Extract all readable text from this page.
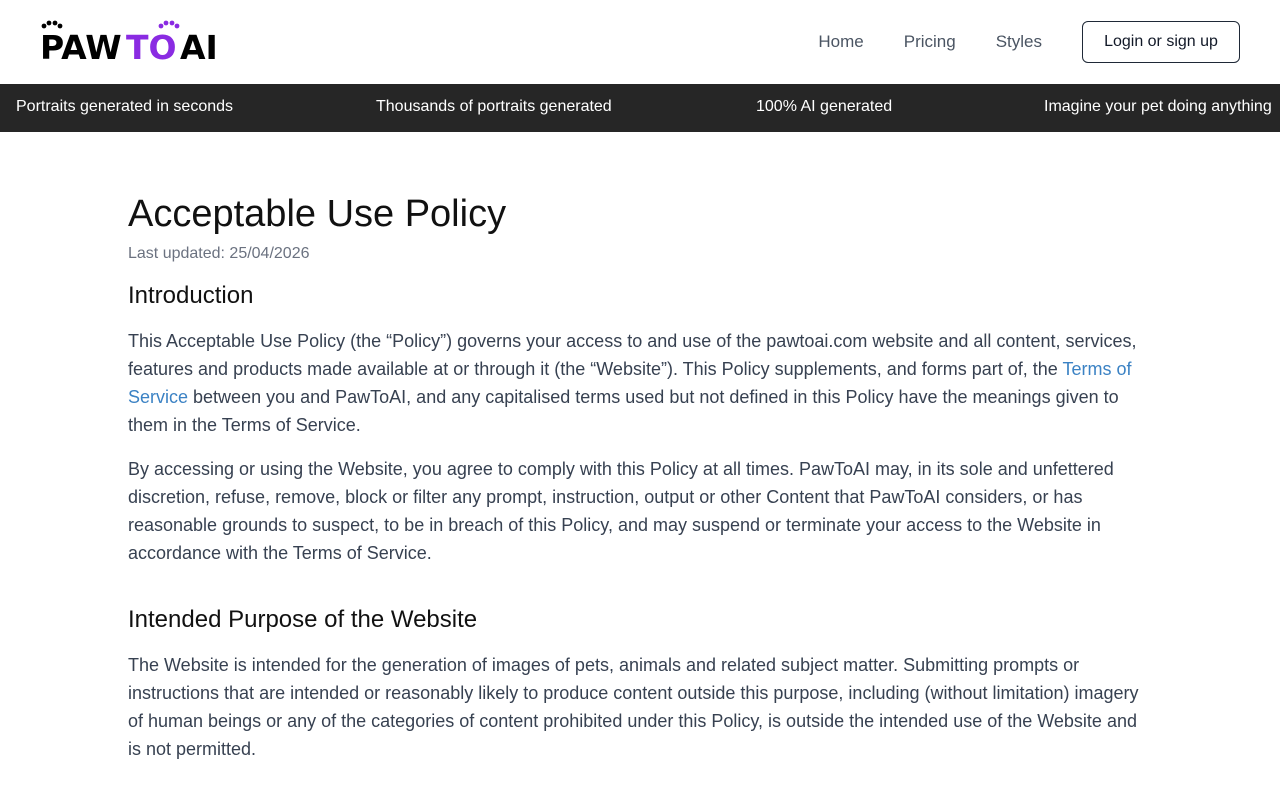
PAW TO AI	Home Pricing Styles	Login or sign up
Portraits generated in seconds	Thousands of portraits generated	100% AI generated	Imagine your pet doing anything
Acceptable Use Policy
Last updated: 25/04/2026
Introduction

This Acceptable Use Policy (the “Policy”) governs your access to and use of the pawtoai.com website and all content, services, features and products made available at or through it (the “Website”). This Policy supplements, and forms part of, the Terms of Service between you and PawToAI, and any capitalised terms used but not defined in this Policy have the meanings given to them in the Terms of Service.

By accessing or using the Website, you agree to comply with this Policy at all times. PawToAI may, in its sole and unfettered discretion, refuse, remove, block or filter any prompt, instruction, output or other Content that PawToAI considers, or has reasonable grounds to suspect, to be in breach of this Policy, and may suspend or terminate your access to the Website in accordance with the Terms of Service.

Intended Purpose of the Website

The Website is intended for the generation of images of pets, animals and related subject matter. Submitting prompts or instructions that are intended or reasonably likely to produce content outside this purpose, including (without limitation) imagery of human beings or any of the categories of content prohibited under this Policy, is outside the intended use of the Website and is not permitted.
